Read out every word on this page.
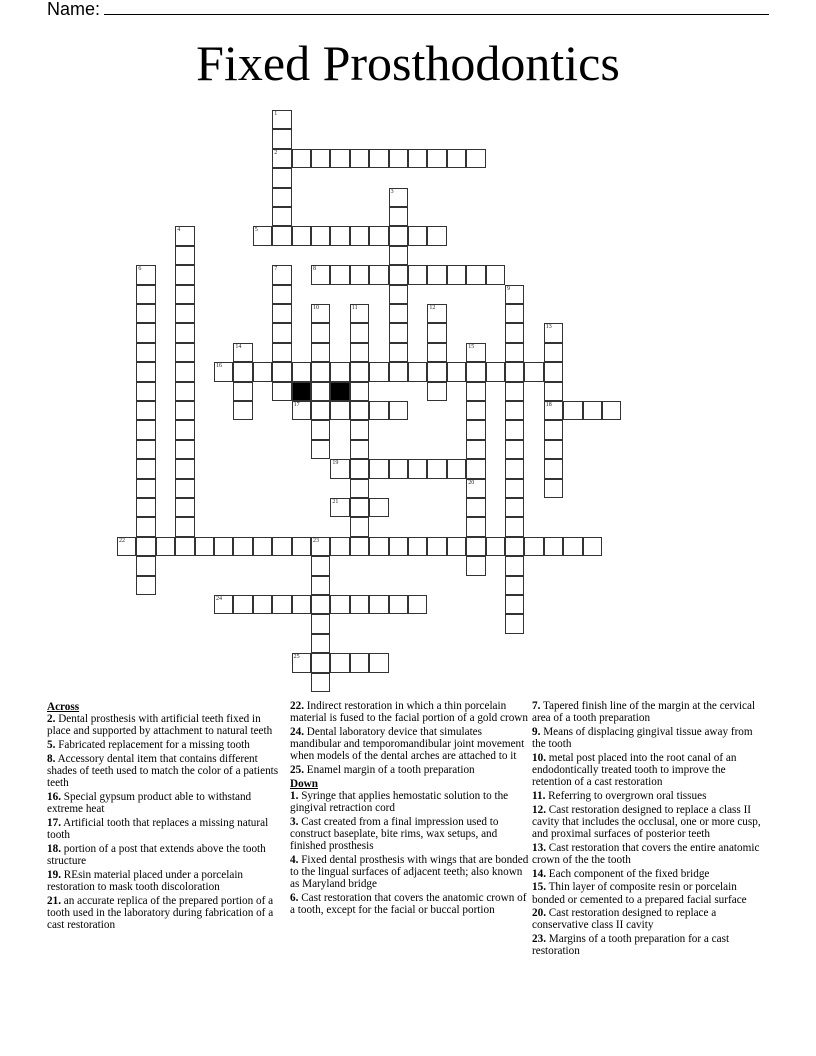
Name:
Fixed Prosthodontics
1
2
3
4	5
6	7	8
9
10	11	12
13
18
14	15
16
17
19
20
21
22	23
24
25
Across
2. Dental prosthesis with artificial teeth fixed in place and supported by attachment to natural teeth
5. Fabricated replacement for a missing tooth
8. Accessory dental item that contains different shades of teeth used to match the color of a patients teeth
16. Special gypsum product able to withstand extreme heat
17. Artificial tooth that replaces a missing natural tooth
18. portion of a post that extends above the tooth structure
19. REsin material placed under a porcelain restoration to mask tooth discoloration
21. an accurate replica of the prepared portion of a tooth used in the laboratory during fabrication of a cast restoration
22. Indirect restoration in which a thin porcelain material is fused to the facial portion of a gold crown
24. Dental laboratory device that simulates mandibular and temporomandibular joint movement when models of the dental arches are attached to it
25. Enamel margin of a tooth preparation
Down
1. Syringe that applies hemostatic solution to the gingival retraction cord
3. Cast created from a final impression used to construct baseplate, bite rims, wax setups, and finished prosthesis
4. Fixed dental prosthesis with wings that are bonded to the lingual surfaces of adjacent teeth; also known as Maryland bridge
6. Cast restoration that covers the anatomic crown of a tooth, except for the facial or buccal portion
7. Tapered finish line of the margin at the cervical area of a tooth preparation
9. Means of displacing gingival tissue away from the tooth
10. metal post placed into the root canal of an endodontically treated tooth to improve the retention of a cast restoration
11. Referring to overgrown oral tissues
12. Cast restoration designed to replace a class II cavity that includes the occlusal, one or more cusp, and proximal surfaces of posterior teeth
13. Cast restoration that covers the entire anatomic crown of the the tooth
14. Each component of the fixed bridge
15. Thin layer of composite resin or porcelain bonded or cemented to a prepared facial surface
20. Cast restoration designed to replace a conservative class II cavity
23. Margins of a tooth preparation for a cast restoration
